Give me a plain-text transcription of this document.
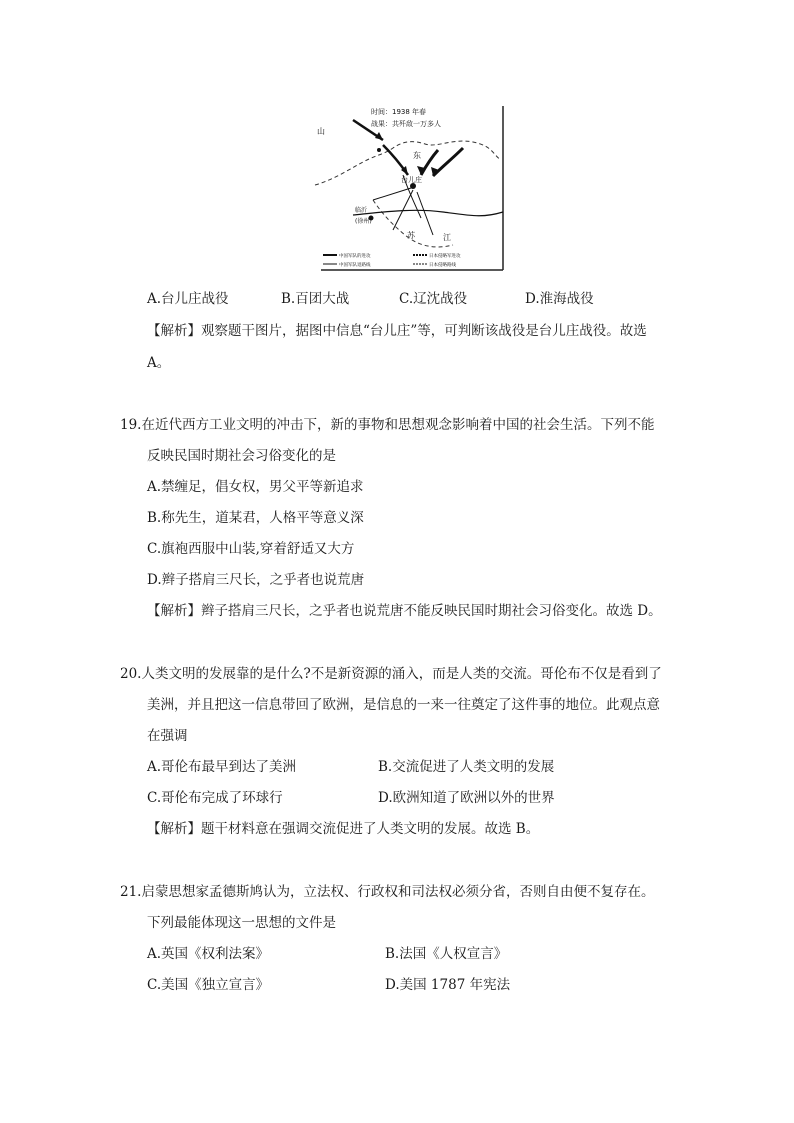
时间：1938 年春
战果：共歼敌一万多人
台儿庄
临沂
(徐州)
山
东
苏	江
中国军队的进攻
中国军队退路线
日本侵略军进攻
日本侵略路线
A.台儿庄战役	B.百团大战	C.辽沈战役	D.淮海战役
【解析】观察题干图片，据图中信息“台儿庄”等，可判断该战役是台儿庄战役。故选
A。
19.在近代西方工业文明的冲击下，新的事物和思想观念影响着中国的社会生活。下列不能
反映民国时期社会习俗变化的是
A.禁缠足，倡女权，男父平等新追求
B.称先生，道某君，人格平等意义深
C.旗袍西服中山装,穿着舒适又大方
D.辫子搭肩三尺长，之乎者也说荒唐
【解析】辫子搭肩三尺长，之乎者也说荒唐不能反映民国时期社会习俗变化。故选 D。
20.人类文明的发展靠的是什么?不是新资源的涌入，而是人类的交流。哥伦布不仅是看到了
美洲，并且把这一信息带回了欧洲，是信息的一来一往奠定了这件事的地位。此观点意
在强调
A.哥伦布最早到达了美洲	B.交流促进了人类文明的发展
C.哥伦布完成了环球行	D.欧洲知道了欧洲以外的世界
【解析】题干材料意在强调交流促进了人类文明的发展。故选 B。
21.启蒙思想家孟德斯鸠认为，立法权、行政权和司法权必须分省，否则自由便不复存在。
下列最能体现这一思想的文件是
A.英国《权利法案》	B.法国《人权宣言》
C.美国《独立宣言》	D.美国 1787 年宪法
